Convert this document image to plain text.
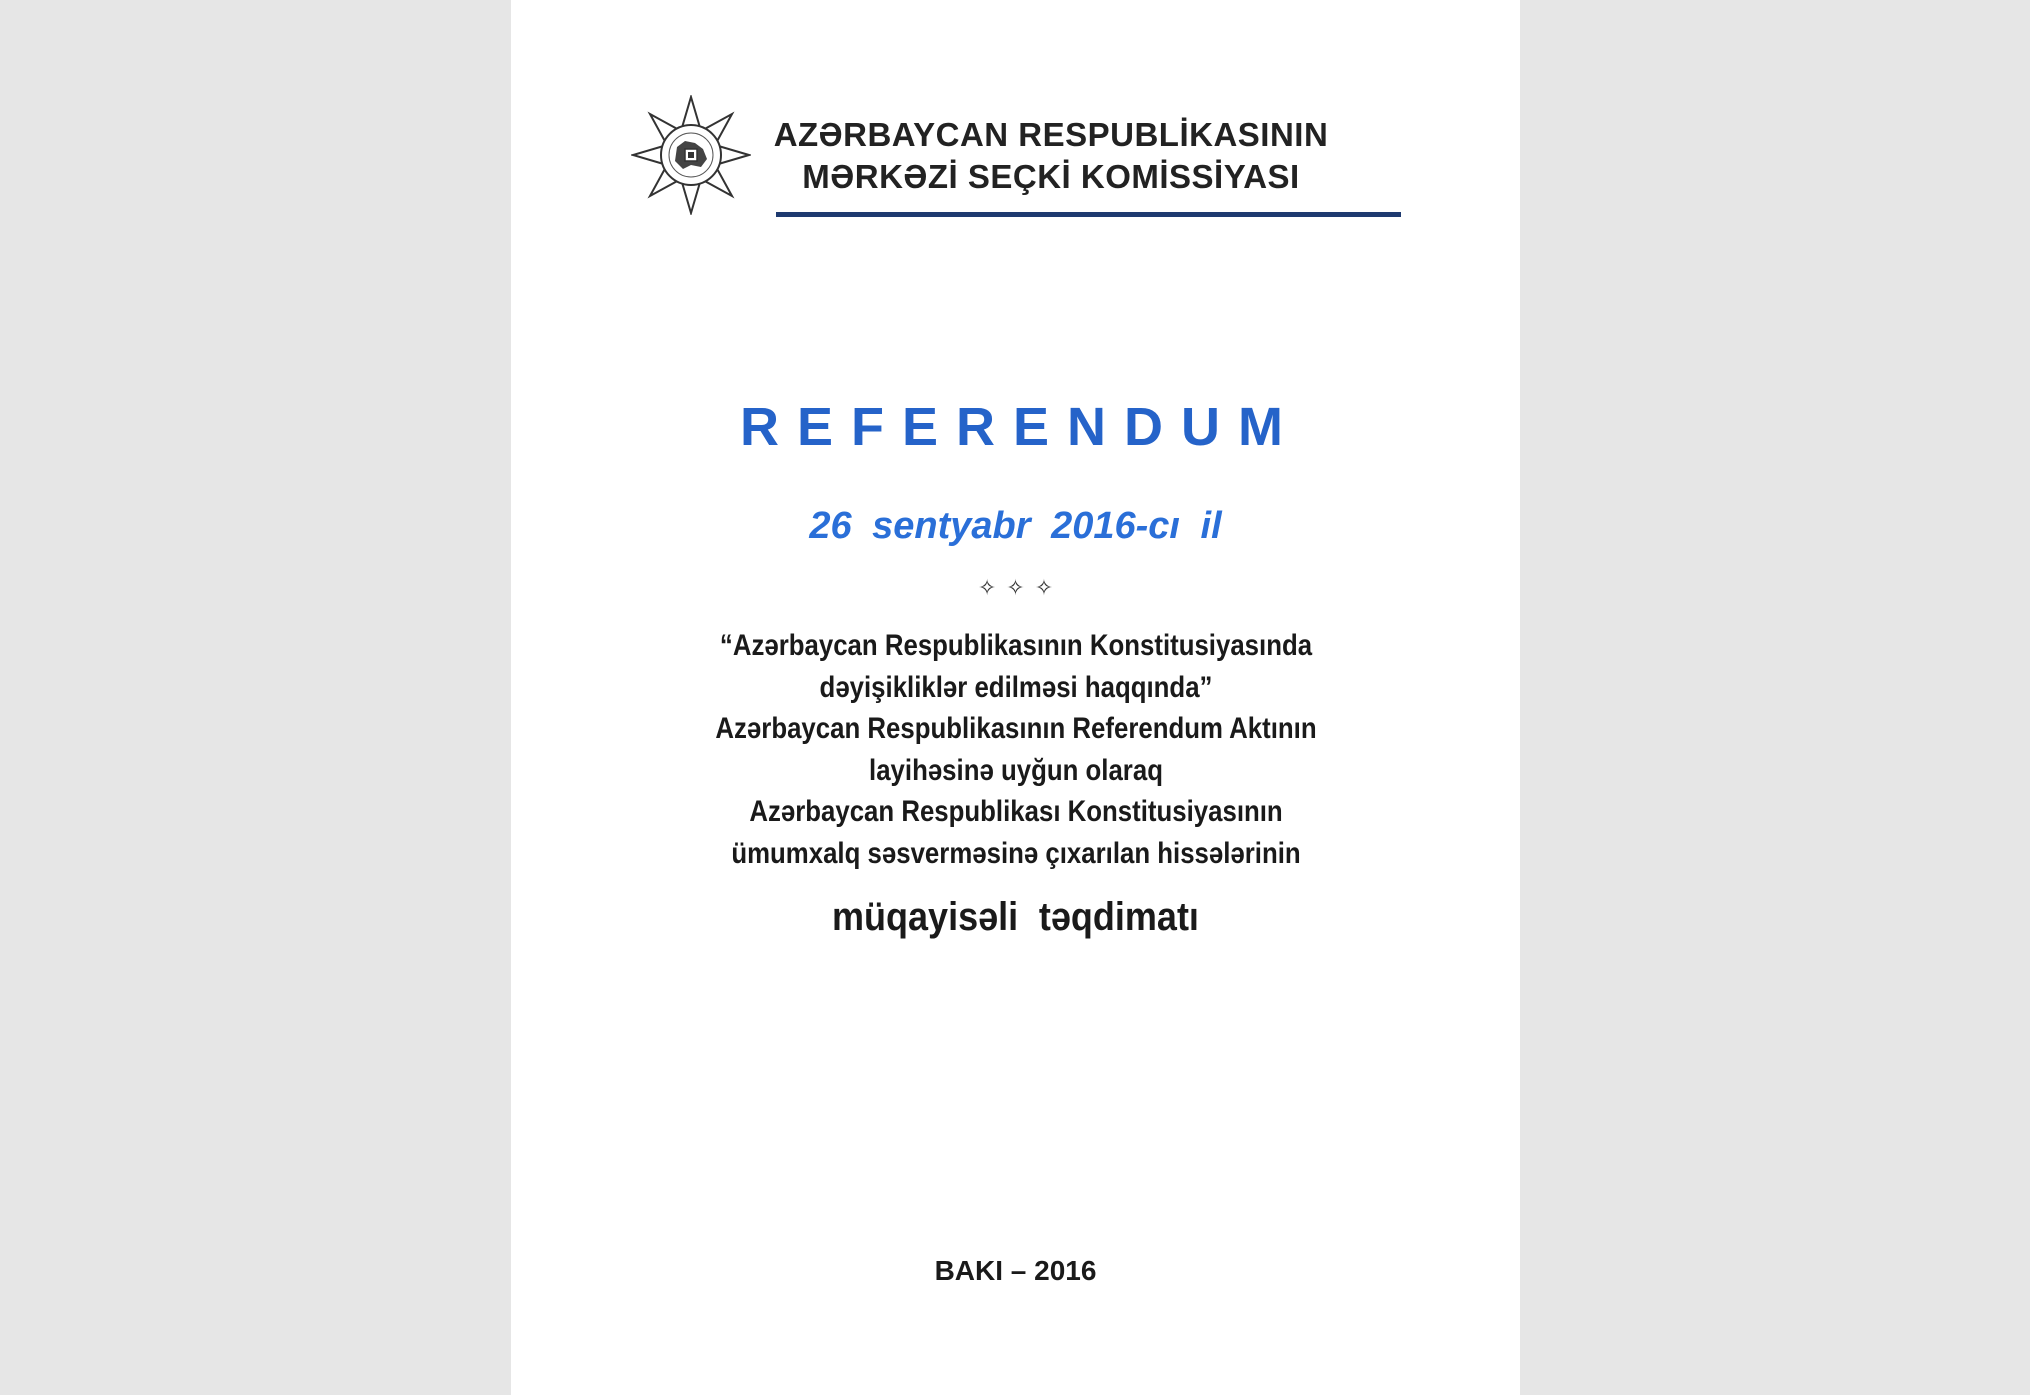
AZƏRBAYCAN RESPUBLİKASININ
MƏRKƏZİ SEÇKİ KOMİSSİYASI
REFERENDUM
26 sentyabr 2016-cı il
✧✧✧
“Azərbaycan Respublikasının Konstitusiyasında
dəyişikliklər edilməsi haqqında”
Azərbaycan Respublikasının Referendum Aktının
layihəsinə uyğun olaraq
Azərbaycan Respublikası Konstitusiyasının
ümumxalq səsverməsinə çıxarılan hissələrinin
müqayisəli təqdimatı
BAKI – 2016
